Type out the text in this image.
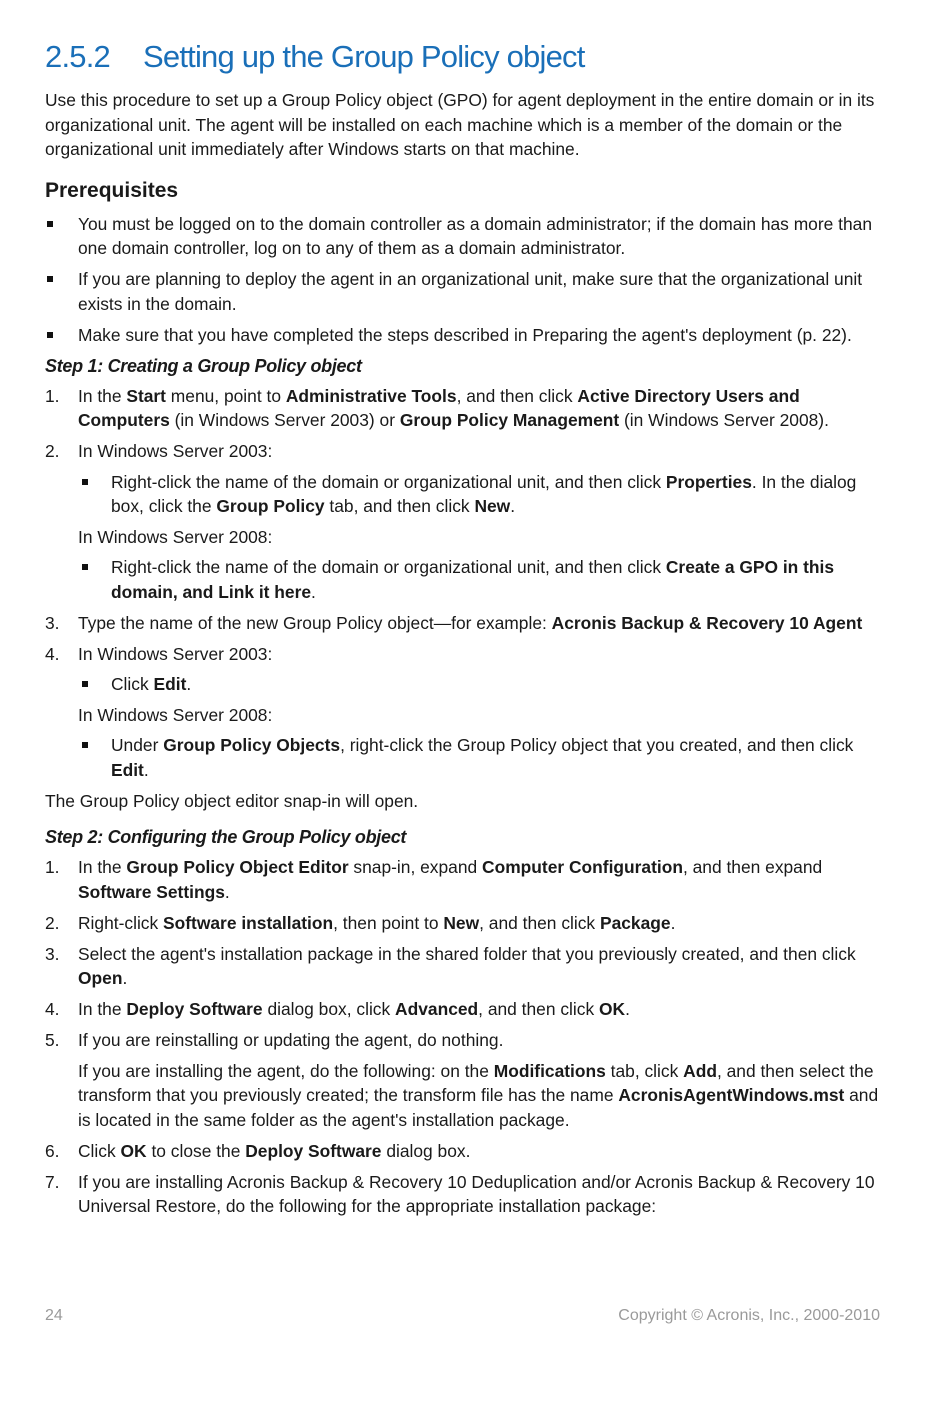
2.5.2	Setting up the Group Policy object

Use this procedure to set up a Group Policy object (GPO) for agent deployment in the entire domain or in its organizational unit. The agent will be installed on each machine which is a member of the domain or the organizational unit immediately after Windows starts on that machine.

Prerequisites
You must be logged on to the domain controller as a domain administrator; if the domain has more than one domain controller, log on to any of them as a domain administrator.
If you are planning to deploy the agent in an organizational unit, make sure that the organizational unit exists in the domain.
Make sure that you have completed the steps described in Preparing the agent's deployment (p. 22).
Step 1: Creating a Group Policy object
1. In the Start menu, point to Administrative Tools, and then click Active Directory Users and Computers (in Windows Server 2003) or Group Policy Management (in Windows Server 2008).
2. In Windows Server 2003:
Right-click the name of the domain or organizational unit, and then click Properties. In the dialog box, click the Group Policy tab, and then click New.
In Windows Server 2008:
Right-click the name of the domain or organizational unit, and then click Create a GPO in this domain, and Link it here.
3. Type the name of the new Group Policy object—for example: Acronis Backup & Recovery 10 Agent
4. In Windows Server 2003:
Click Edit.
In Windows Server 2008:
Under Group Policy Objects, right-click the Group Policy object that you created, and then click Edit.

The Group Policy object editor snap-in will open.

Step 2: Configuring the Group Policy object
1. In the Group Policy Object Editor snap-in, expand Computer Configuration, and then expand Software Settings.
2. Right-click Software installation, then point to New, and then click Package.
3. Select the agent's installation package in the shared folder that you previously created, and then click Open.
4. In the Deploy Software dialog box, click Advanced, and then click OK.
5. If you are reinstalling or updating the agent, do nothing.
If you are installing the agent, do the following: on the Modifications tab, click Add, and then select the transform that you previously created; the transform file has the name AcronisAgentWindows.mst and is located in the same folder as the agent's installation package.
6. Click OK to close the Deploy Software dialog box.
7. If you are installing Acronis Backup & Recovery 10 Deduplication and/or Acronis Backup & Recovery 10 Universal Restore, do the following for the appropriate installation package:
24	Copyright © Acronis, Inc., 2000-2010
